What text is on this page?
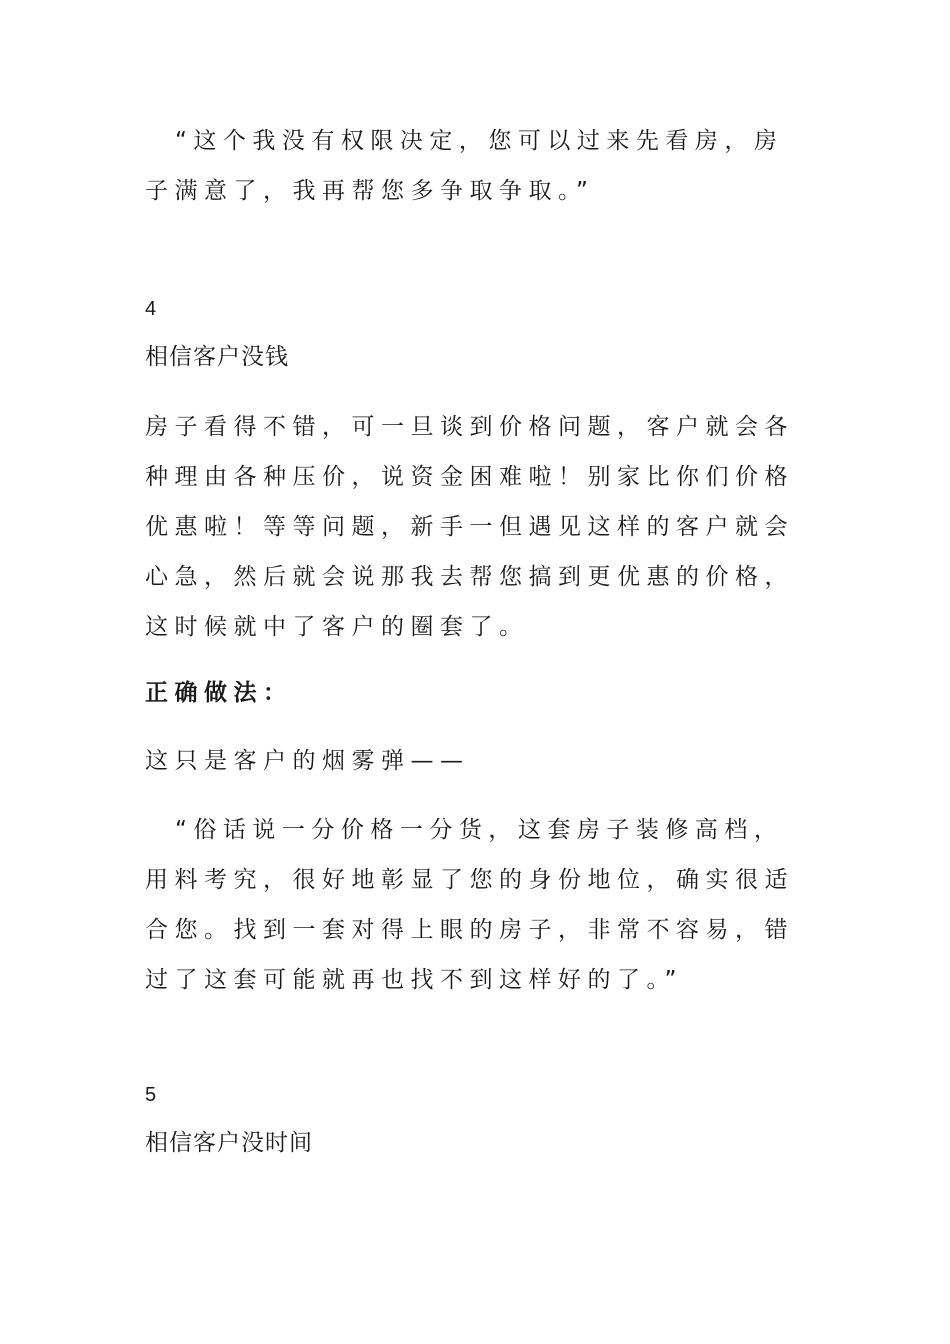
“这个我没有权限决定，您可以过来先看房，房

子满意了，我再帮您多争取争取。”

4

相信客户没钱

房子看得不错，可一旦谈到价格问题，客户就会各

种理由各种压价，说资金困难啦！别家比你们价格

优惠啦！等等问题，新手一但遇见这样的客户就会

心急，然后就会说那我去帮您搞到更优惠的价格，

这时候就中了客户的圈套了。

正确做法：

这只是客户的烟雾弹——

“俗话说一分价格一分货，这套房子装修高档，

用料考究，很好地彰显了您的身份地位，确实很适

合您。找到一套对得上眼的房子，非常不容易，错

过了这套可能就再也找不到这样好的了。”

5

相信客户没时间
